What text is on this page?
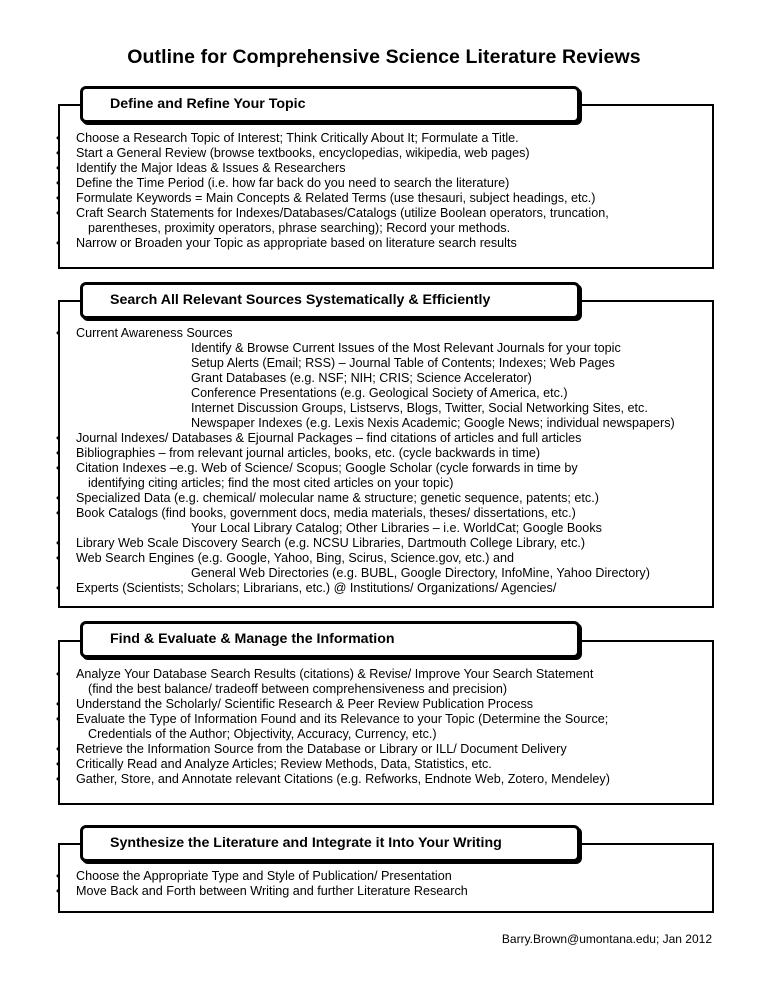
Outline for Comprehensive Science Literature Reviews
Define and Refine Your Topic
• Choose a Research Topic of Interest; Think Critically About It; Formulate a Title.
• Start a General Review (browse textbooks, encyclopedias, wikipedia, web pages)
• Identify the Major Ideas & Issues & Researchers
• Define the Time Period (i.e. how far back do you need to search the literature)
• Formulate Keywords = Main Concepts & Related Terms (use thesauri, subject headings, etc.)
• Craft Search Statements for Indexes/Databases/Catalogs (utilize Boolean operators, truncation,
parentheses, proximity operators, phrase searching); Record your methods.
• Narrow or Broaden your Topic as appropriate based on literature search results
Search All Relevant Sources Systematically & Efficiently
• Current Awareness Sources
Identify & Browse Current Issues of the Most Relevant Journals for your topic
Setup Alerts (Email; RSS) – Journal Table of Contents; Indexes; Web Pages
Grant Databases (e.g. NSF; NIH; CRIS; Science Accelerator)
Conference Presentations (e.g. Geological Society of America, etc.)
Internet Discussion Groups, Listservs, Blogs, Twitter, Social Networking Sites, etc.
Newspaper Indexes (e.g. Lexis Nexis Academic; Google News; individual newspapers)
• Journal Indexes/ Databases & Ejournal Packages – find citations of articles and full articles
• Bibliographies – from relevant journal articles, books, etc. (cycle backwards in time)
• Citation Indexes –e.g. Web of Science/ Scopus; Google Scholar (cycle forwards in time by
identifying citing articles; find the most cited articles on your topic)
• Specialized Data (e.g. chemical/ molecular name & structure; genetic sequence, patents; etc.)
• Book Catalogs (find books, government docs, media materials, theses/ dissertations, etc.)
Your Local Library Catalog; Other Libraries – i.e. WorldCat; Google Books
• Library Web Scale Discovery Search (e.g. NCSU Libraries, Dartmouth College Library, etc.)
• Web Search Engines (e.g. Google, Yahoo, Bing, Scirus, Science.gov, etc.) and
General Web Directories (e.g. BUBL, Google Directory, InfoMine, Yahoo Directory)
• Experts (Scientists; Scholars; Librarians, etc.) @ Institutions/ Organizations/ Agencies/
Find & Evaluate & Manage the Information
• Analyze Your Database Search Results (citations) & Revise/ Improve Your Search Statement
(find the best balance/ tradeoff between comprehensiveness and precision)
• Understand the Scholarly/ Scientific Research & Peer Review Publication Process
• Evaluate the Type of Information Found and its Relevance to your Topic (Determine the Source;
Credentials of the Author; Objectivity, Accuracy, Currency, etc.)
• Retrieve the Information Source from the Database or Library or ILL/ Document Delivery
• Critically Read and Analyze Articles; Review Methods, Data, Statistics, etc.
• Gather, Store, and Annotate relevant Citations (e.g. Refworks, Endnote Web, Zotero, Mendeley)
Synthesize the Literature and Integrate it Into Your Writing
• Choose the Appropriate Type and Style of Publication/ Presentation
• Move Back and Forth between Writing and further Literature Research
Barry.Brown@umontana.edu; Jan 2012
